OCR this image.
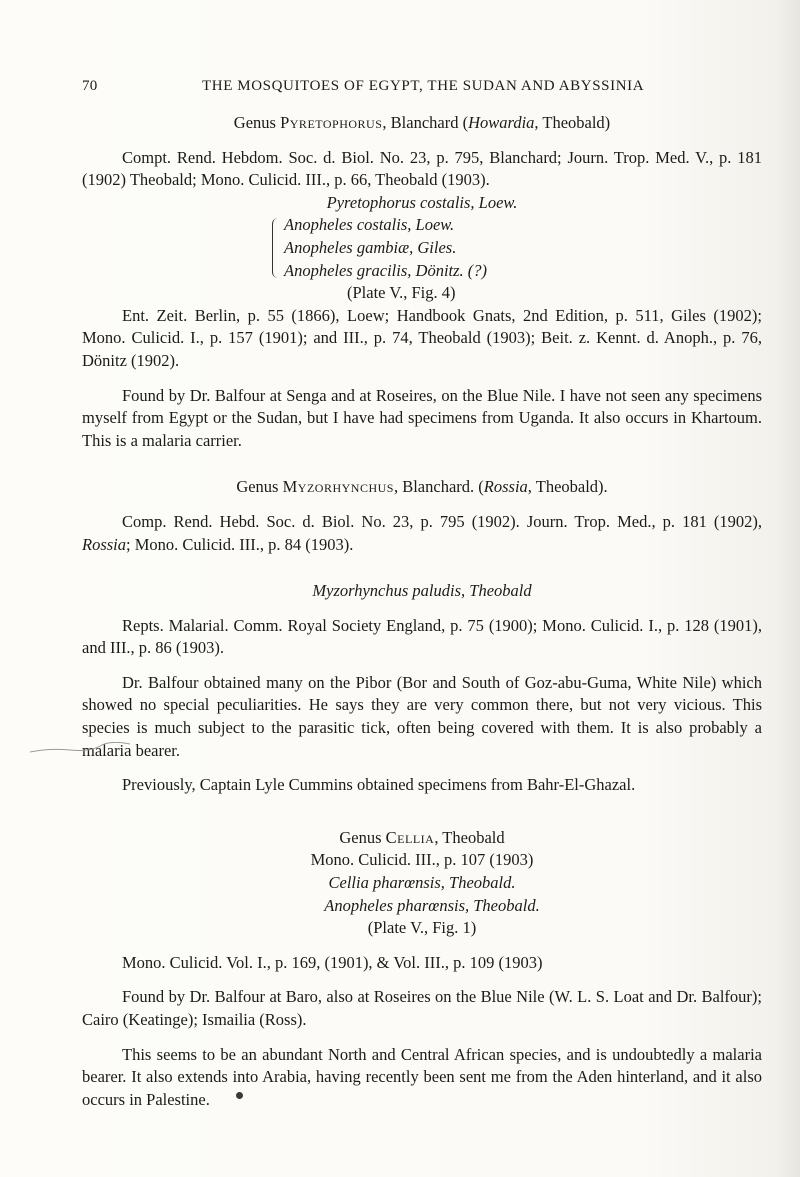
70	THE MOSQUITOES OF EGYPT, THE SUDAN AND ABYSSINIA

Genus Pyretophorus, Blanchard (Howardia, Theobald)

Compt. Rend. Hebdom. Soc. d. Biol. No. 23, p. 795, Blanchard; Journ. Trop. Med. V., p. 181 (1902) Theobald; Mono. Culicid. III., p. 66, Theobald (1903).

Pyretophorus costalis, Loew.

Anopheles costalis, Loew.
Anopheles gambiæ, Giles.
Anopheles gracilis, Dönitz. (?)

(Plate V., Fig. 4)

Ent. Zeit. Berlin, p. 55 (1866), Loew; Handbook Gnats, 2nd Edition, p. 511, Giles (1902); Mono. Culicid. I., p. 157 (1901); and III., p. 74, Theobald (1903); Beit. z. Kennt. d. Anoph., p. 76, Dönitz (1902).

Found by Dr. Balfour at Senga and at Roseires, on the Blue Nile. I have not seen any specimens myself from Egypt or the Sudan, but I have had specimens from Uganda. It also occurs in Khartoum. This is a malaria carrier.

Genus Myzorhynchus, Blanchard. (Rossia, Theobald).

Comp. Rend. Hebd. Soc. d. Biol. No. 23, p. 795 (1902). Journ. Trop. Med., p. 181 (1902), Rossia; Mono. Culicid. III., p. 84 (1903).

Myzorhynchus paludis, Theobald

Repts. Malarial. Comm. Royal Society England, p. 75 (1900); Mono. Culicid. I., p. 128 (1901), and III., p. 86 (1903).

Dr. Balfour obtained many on the Pibor (Bor and South of Goz-abu-Guma, White Nile) which showed no special peculiarities. He says they are very common there, but not very vicious. This species is much subject to the parasitic tick, often being covered with them. It is also probably a malaria bearer.

Previously, Captain Lyle Cummins obtained specimens from Bahr-El-Ghazal.

Genus Cellia, Theobald

Mono. Culicid. III., p. 107 (1903)

Cellia pharœnsis, Theobald.

Anopheles pharœnsis, Theobald.

(Plate V., Fig. 1)

Mono. Culicid. Vol. I., p. 169, (1901), & Vol. III., p. 109 (1903)

Found by Dr. Balfour at Baro, also at Roseires on the Blue Nile (W. L. S. Loat and Dr. Balfour); Cairo (Keatinge); Ismailia (Ross).

This seems to be an abundant North and Central African species, and is undoubtedly a malaria bearer. It also extends into Arabia, having recently been sent me from the Aden hinterland, and it also occurs in Palestine.
